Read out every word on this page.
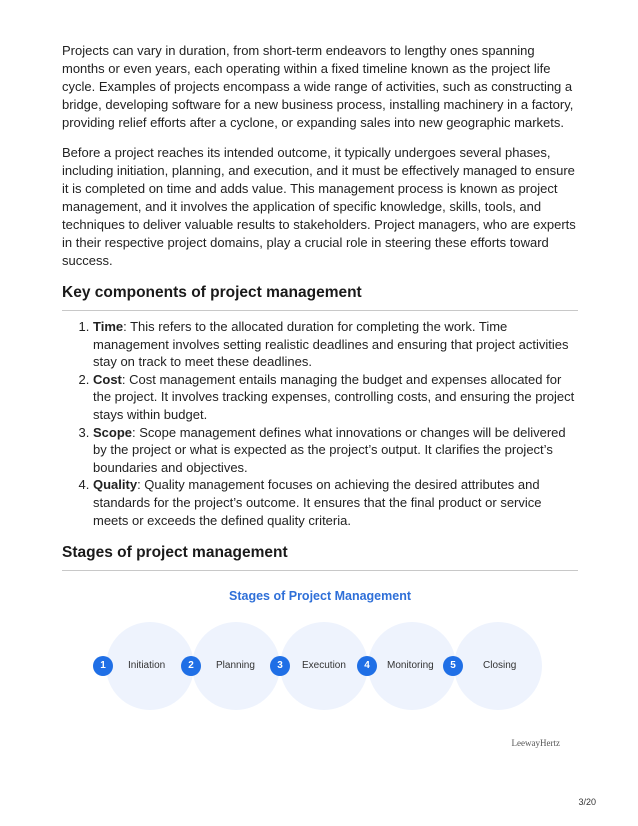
Projects can vary in duration, from short-term endeavors to lengthy ones spanning months or even years, each operating within a fixed timeline known as the project life cycle. Examples of projects encompass a wide range of activities, such as constructing a bridge, developing software for a new business process, installing machinery in a factory, providing relief efforts after a cyclone, or expanding sales into new geographic markets.

Before a project reaches its intended outcome, it typically undergoes several phases, including initiation, planning, and execution, and it must be effectively managed to ensure it is completed on time and adds value. This management process is known as project management, and it involves the application of specific knowledge, skills, tools, and techniques to deliver valuable results to stakeholders. Project managers, who are experts in their respective project domains, play a crucial role in steering these efforts toward success.

Key components of project management
1. Time: This refers to the allocated duration for completing the work. Time management involves setting realistic deadlines and ensuring that project activities stay on track to meet these deadlines.
2. Cost: Cost management entails managing the budget and expenses allocated for the project. It involves tracking expenses, controlling costs, and ensuring the project stays within budget.
3. Scope: Scope management defines what innovations or changes will be delivered by the project or what is expected as the project’s output. It clarifies the project’s boundaries and objectives.
4. Quality: Quality management focuses on achieving the desired attributes and standards for the project’s outcome. It ensures that the final product or service meets or exceeds the defined quality criteria.
Stages of project management
Stages of Project Management
1	Initiation	2	Planning	3	Execution	4	Monitoring	5	Closing
LeewayHertz
3/20
